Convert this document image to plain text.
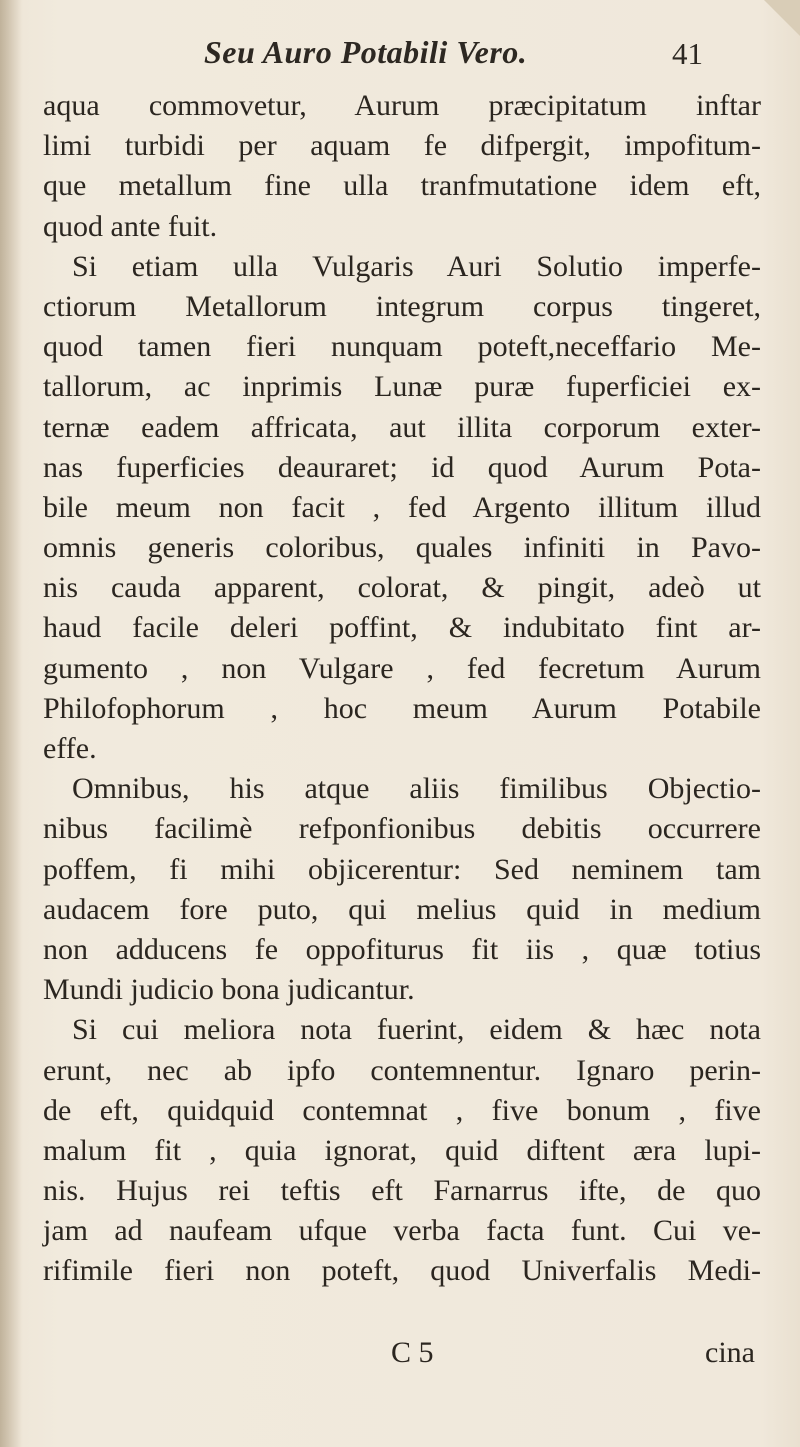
Seu Auro Potabili Vero.	41
aqua commovetur, Aurum præcipitatum inftar
limi turbidi per aquam fe difpergit, impofitum-
que metallum fine ulla tranfmutatione idem eft,
quod ante fuit.
Si etiam ulla Vulgaris Auri Solutio imperfe-
ctiorum Metallorum integrum corpus tingeret,
quod tamen fieri nunquam poteft,neceffario Me-
tallorum, ac inprimis Lunæ puræ fuperficiei ex-
ternæ eadem affricata, aut illita corporum exter-
nas fuperficies deauraret; id quod Aurum Pota-
bile meum non facit , fed Argento illitum illud
omnis generis coloribus, quales infiniti in Pavo-
nis cauda apparent, colorat, & pingit, adeò ut
haud facile deleri poffint, & indubitato fint ar-
gumento , non Vulgare , fed fecretum Aurum
Philofophorum , hoc meum Aurum Potabile
effe.
Omnibus, his atque aliis fimilibus Objectio-
nibus facilimè refponfionibus debitis occurrere
poffem, fi mihi objicerentur: Sed neminem tam
audacem fore puto, qui melius quid in medium
non adducens fe oppofiturus fit iis , quæ totius
Mundi judicio bona judicantur.
Si cui meliora nota fuerint, eidem & hæc nota
erunt, nec ab ipfo contemnentur. Ignaro perin-
de eft, quidquid contemnat , five bonum , five
malum fit , quia ignorat, quid diftent æra lupi-
nis. Hujus rei teftis eft Farnarrus ifte, de quo
jam ad naufeam ufque verba facta funt. Cui ve-
rifimile fieri non poteft, quod Univerfalis Medi-
C 5	cina
